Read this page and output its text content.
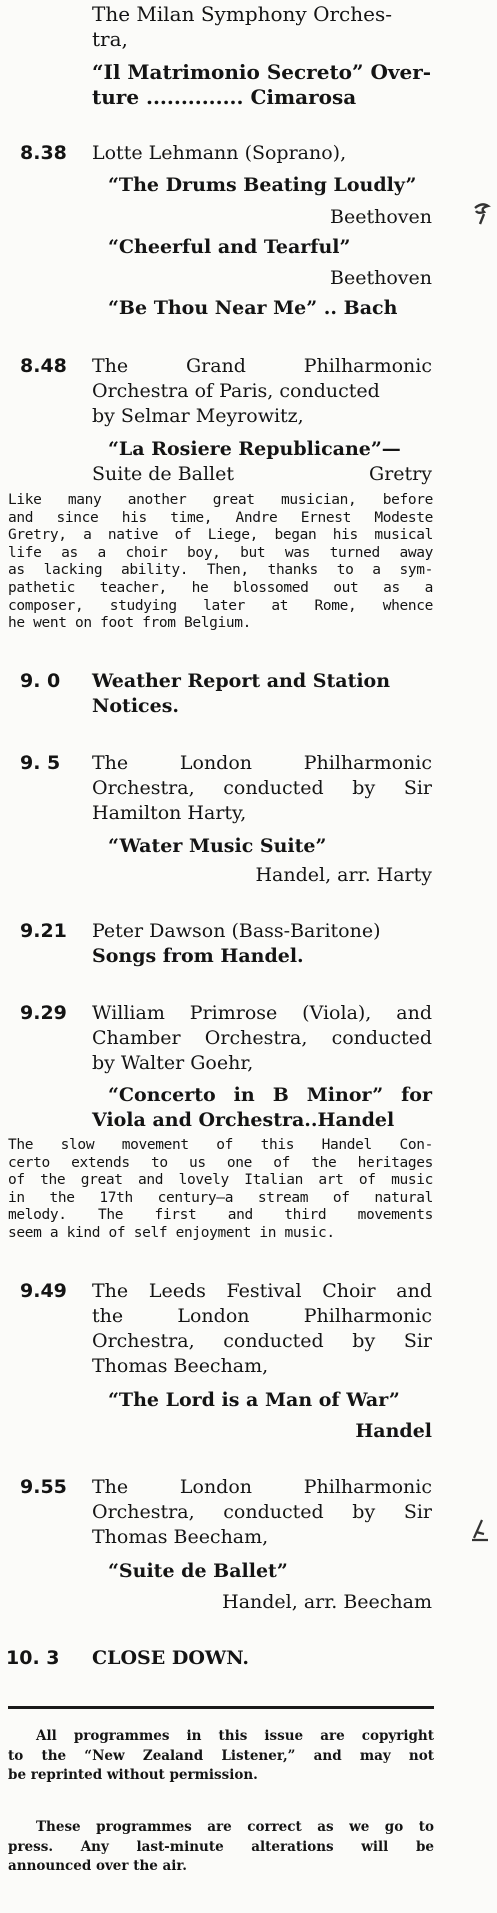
The Milan Symphony Orches-
tra,
“Il Matrimonio Secreto” Over-
ture .............. Cimarosa
8.38 Lotte Lehmann (Soprano),
“The Drums Beating Loudly”
Beethoven
“Cheerful and Tearful”
Beethoven
“Be Thou Near Me” .. Bach
8.48 The Grand Philharmonic
Orchestra of Paris, conducted
by Selmar Meyrowitz,
“La Rosiere Republicane”—
Suite de Ballet	Gretry
Like many another great musician, before
and since his time, Andre Ernest Modeste
Gretry, a native of Liege, began his musical
life as a choir boy, but was turned away
as lacking ability. Then, thanks to a sym-
pathetic teacher, he blossomed out as a
composer, studying later at Rome, whence
he went on foot from Belgium.
9. 0 Weather Report and Station
Notices.
9. 5 The London Philharmonic
Orchestra, conducted by Sir
Hamilton Harty,
“Water Music Suite”
Handel, arr. Harty
9.21 Peter Dawson (Bass-Baritone)
Songs from Handel.
9.29 William Primrose (Viola), and
Chamber Orchestra, conducted
by Walter Goehr,
“Concerto in B Minor” for
Viola and Orchestra..Handel
The slow movement of this Handel Con-
certo extends to us one of the heritages
of the great and lovely Italian art of music
in the 17th century—a stream of natural
melody. The first and third movements
seem a kind of self enjoyment in music.
9.49 The Leeds Festival Choir and
the London Philharmonic
Orchestra, conducted by Sir
Thomas Beecham,
“The Lord is a Man of War”
Handel
9.55 The London Philharmonic
Orchestra, conducted by Sir
Thomas Beecham,
“Suite de Ballet”
Handel, arr. Beecham
10. 3 CLOSE DOWN.
All programmes in this issue are copyright
to the “New Zealand Listener,” and may not
be reprinted without permission.
These programmes are correct as we go to
press. Any last-minute alterations will be
announced over the air.
